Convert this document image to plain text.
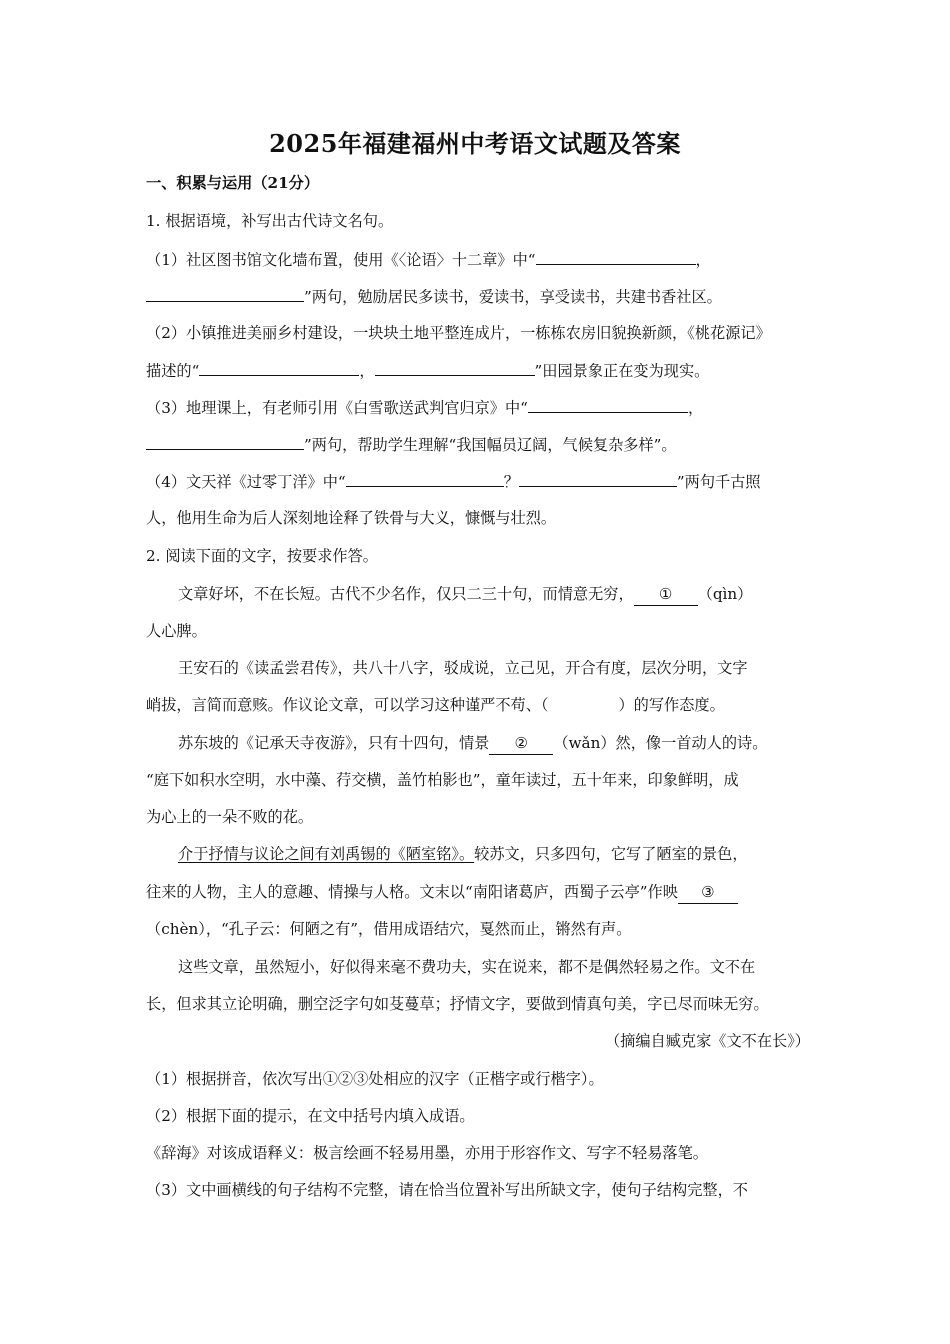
2025年福建福州中考语文试题及答案
一、积累与运用（21分）
1. 根据语境，补写出古代诗文名句。
（1）社区图书馆文化墙布置，使用《〈论语〉十二章》中“	，
”两句，勉励居民多读书，爱读书，享受读书，共建书香社区。
（2）小镇推进美丽乡村建设，一块块土地平整连成片，一栋栋农房旧貌换新颜，《桃花源记》
描述的“	，	”田园景象正在变为现实。
（3）地理课上，有老师引用《白雪歌送武判官归京》中“	，
”两句，帮助学生理解“我国幅员辽阔，气候复杂多样”。
（4）文天祥《过零丁洋》中“	？	”两句千古照
人，他用生命为后人深刻地诠释了铁骨与大义，慷慨与壮烈。
2. 阅读下面的文字，按要求作答。
文章好坏，不在长短。古代不少名作，仅只二三十句，而情意无穷， ① （qìn）
人心脾。
王安石的《读孟尝君传》，共八十八字，驳成说，立己见，开合有度，层次分明，文字
峭拔，言简而意赅。作议论文章，可以学习这种谨严不苟、（	）的写作态度。
苏东坡的《记承天寺夜游》，只有十四句，情景 ② （wǎn）然，像一首动人的诗。
“庭下如积水空明，水中藻、荇交横，盖竹柏影也”，童年读过，五十年来，印象鲜明，成
为心上的一朵不败的花。
介于抒情与议论之间有刘禹锡的《陋室铭》。较苏文，只多四句，它写了陋室的景色，
往来的人物，主人的意趣、情操与人格。文末以“南阳诸葛庐，西蜀子云亭”作映 ③
（chèn），“孔子云：何陋之有”，借用成语结穴，戛然而止，锵然有声。
这些文章，虽然短小，好似得来毫不费功夫，实在说来，都不是偶然轻易之作。文不在
长，但求其立论明确，删空泛字句如芟蔓草；抒情文字，要做到情真句美，字已尽而味无穷。
（摘编自臧克家《文不在长》）
（1）根据拼音，依次写出①②③处相应的汉字（正楷字或行楷字）。
（2）根据下面的提示，在文中括号内填入成语。
《辞海》对该成语释义：极言绘画不轻易用墨，亦用于形容作文、写字不轻易落笔。
（3）文中画横线的句子结构不完整，请在恰当位置补写出所缺文字，使句子结构完整，不
